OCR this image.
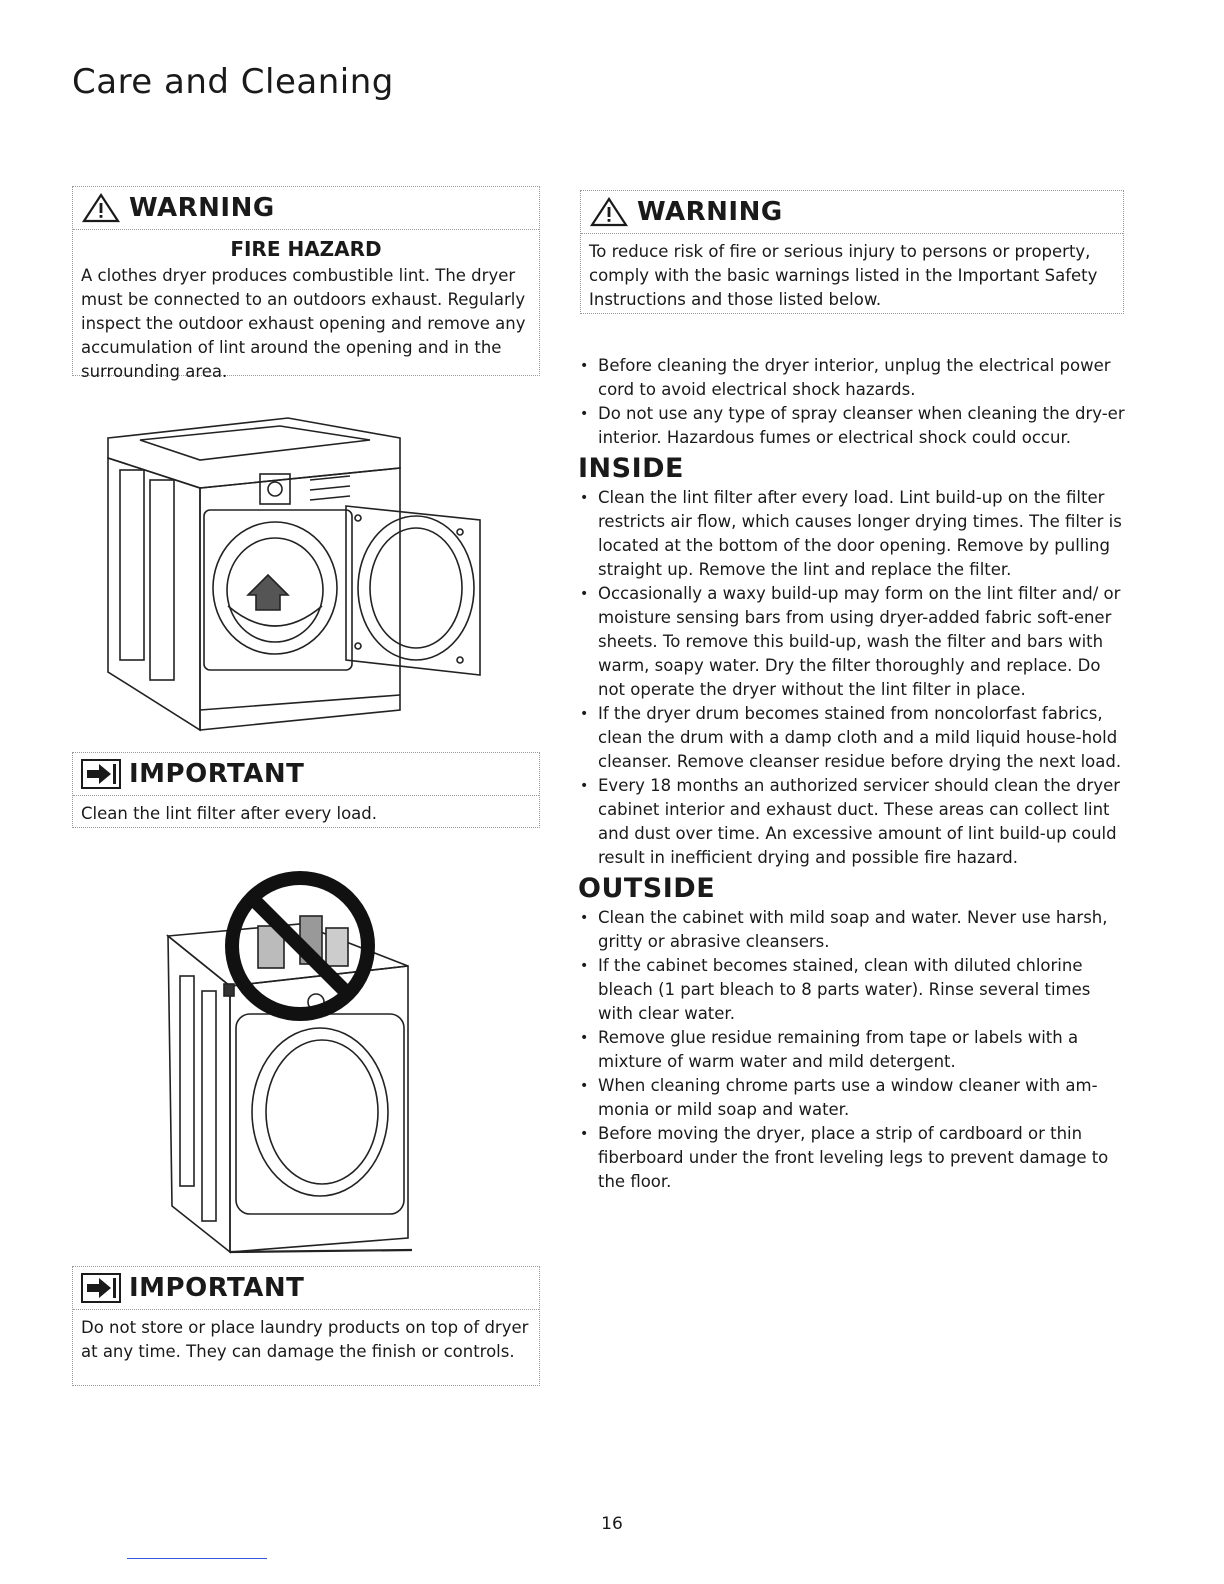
Care and Cleaning
WARNING
FIRE HAZARD
A clothes dryer produces combustible lint. The dryer must be connected to an outdoors exhaust. Regularly inspect the outdoor exhaust opening and remove any accumulation of lint around the opening and in the surrounding area.
IMPORTANT
Clean the lint filter after every load.
IMPORTANT
Do not store or place laundry products on top of dryer at any time. They can damage the finish or controls.
WARNING
To reduce risk of fire or serious injury to persons or property, comply with the basic warnings listed in the Important Safety Instructions and those listed below.
• Before cleaning the dryer interior, unplug the electrical power cord to avoid electrical shock hazards.
• Do not use any type of spray cleanser when cleaning the dry-er interior. Hazardous fumes or electrical shock could occur.
INSIDE
• Clean the lint filter after every load. Lint build-up on the filter restricts air flow, which causes longer drying times. The filter is located at the bottom of the door opening. Remove by pulling straight up. Remove the lint and replace the filter.
• Occasionally a waxy build-up may form on the lint filter and/ or moisture sensing bars from using dryer-added fabric soft-ener sheets. To remove this build-up, wash the filter and bars with warm, soapy water. Dry the filter thoroughly and replace. Do not operate the dryer without the lint filter in place.
• If the dryer drum becomes stained from noncolorfast fabrics, clean the drum with a damp cloth and a mild liquid house-hold cleanser. Remove cleanser residue before drying the next load.
• Every 18 months an authorized servicer should clean the dryer cabinet interior and exhaust duct. These areas can collect lint and dust over time. An excessive amount of lint build-up could result in inefficient drying and possible fire hazard.
OUTSIDE
• Clean the cabinet with mild soap and water. Never use harsh, gritty or abrasive cleansers.
• If the cabinet becomes stained, clean with diluted chlorine bleach (1 part bleach to 8 parts water). Rinse several times with clear water.
• Remove glue residue remaining from tape or labels with a mixture of warm water and mild detergent.
• When cleaning chrome parts use a window cleaner with am-monia or mild soap and water.
• Before moving the dryer, place a strip of cardboard or thin fiberboard under the front leveling legs to prevent damage to the floor.
16
